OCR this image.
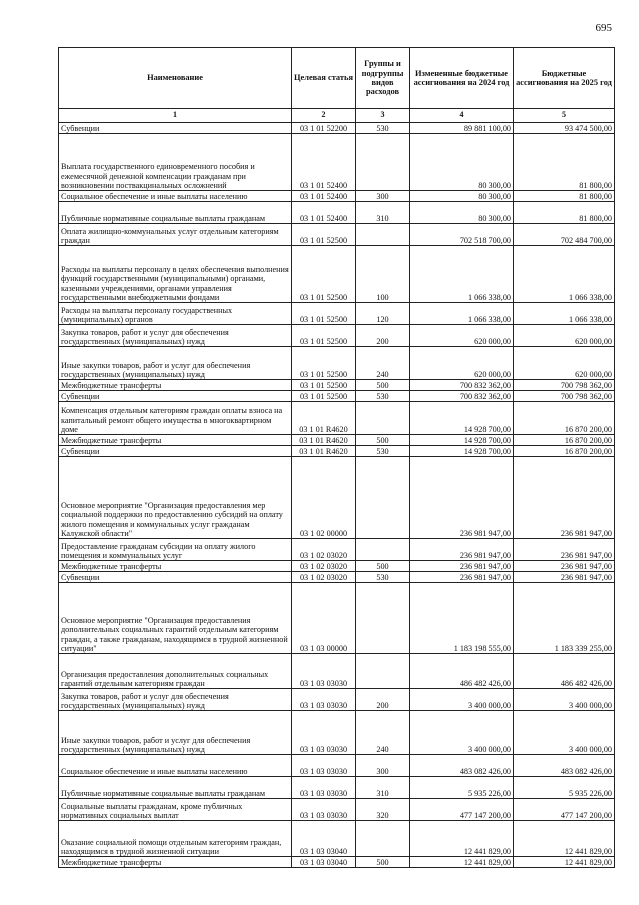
695
Наименование	Целевая статья	Группы и подгруппы видов расходов	Измененные бюджетные ассигнования на 2024 год	Бюджетные ассигнования на 2025 год
1	2	3	4	5
Субвенции	03 1 01 52200	530	89 881 100,00	93 474 500,00
Выплата государственного единовременного пособия и ежемесячной денежной компенсации гражданам при возникновении поствакцинальных осложнений	03 1 01 52400		80 300,00	81 800,00
Социальное обеспечение и иные выплаты населению	03 1 01 52400	300	80 300,00	81 800,00
Публичные нормативные социальные выплаты гражданам	03 1 01 52400	310	80 300,00	81 800,00
Оплата жилищно-коммунальных услуг отдельным категориям граждан	03 1 01 52500		702 518 700,00	702 484 700,00
Расходы на выплаты персоналу в целях обеспечения выполнения функций государственными (муниципальными) органами, казенными учреждениями, органами управления государственными внебюджетными фондами	03 1 01 52500	100	1 066 338,00	1 066 338,00
Расходы на выплаты персоналу государственных (муниципальных) органов	03 1 01 52500	120	1 066 338,00	1 066 338,00
Закупка товаров, работ и услуг для обеспечения государственных (муниципальных) нужд	03 1 01 52500	200	620 000,00	620 000,00
Иные закупки товаров, работ и услуг для обеспечения государственных (муниципальных) нужд	03 1 01 52500	240	620 000,00	620 000,00
Межбюджетные трансферты	03 1 01 52500	500	700 832 362,00	700 798 362,00
Субвенции	03 1 01 52500	530	700 832 362,00	700 798 362,00
Компенсация отдельным категориям граждан оплаты взноса на капитальный ремонт общего имущества в многоквартирном доме	03 1 01 R4620		14 928 700,00	16 870 200,00
Межбюджетные трансферты	03 1 01 R4620	500	14 928 700,00	16 870 200,00
Субвенции	03 1 01 R4620	530	14 928 700,00	16 870 200,00
Основное мероприятие "Организация предоставления мер социальной поддержки по предоставлению субсидий на оплату жилого помещения и коммунальных услуг гражданам Калужской области"	03 1 02 00000		236 981 947,00	236 981 947,00
Предоставление гражданам субсидии на оплату жилого помещения и коммунальных услуг	03 1 02 03020		236 981 947,00	236 981 947,00
Межбюджетные трансферты	03 1 02 03020	500	236 981 947,00	236 981 947,00
Субвенции	03 1 02 03020	530	236 981 947,00	236 981 947,00
Основное мероприятие "Организация предоставления дополнительных социальных гарантий отдельным категориям граждан, а также гражданам, находящимся в трудной жизненной ситуации"	03 1 03 00000		1 183 198 555,00	1 183 339 255,00
Организация предоставления дополнительных социальных гарантий отдельным категориям граждан	03 1 03 03030		486 482 426,00	486 482 426,00
Закупка товаров, работ и услуг для обеспечения государственных (муниципальных) нужд	03 1 03 03030	200	3 400 000,00	3 400 000,00
Иные закупки товаров, работ и услуг для обеспечения государственных (муниципальных) нужд	03 1 03 03030	240	3 400 000,00	3 400 000,00
Социальное обеспечение и иные выплаты населению	03 1 03 03030	300	483 082 426,00	483 082 426,00
Публичные нормативные социальные выплаты гражданам	03 1 03 03030	310	5 935 226,00	5 935 226,00
Социальные выплаты гражданам, кроме публичных нормативных социальных выплат	03 1 03 03030	320	477 147 200,00	477 147 200,00
Оказание социальной помощи отдельным категориям граждан, находящимся в трудной жизненной ситуации	03 1 03 03040		12 441 829,00	12 441 829,00
Межбюджетные трансферты	03 1 03 03040	500	12 441 829,00	12 441 829,00
